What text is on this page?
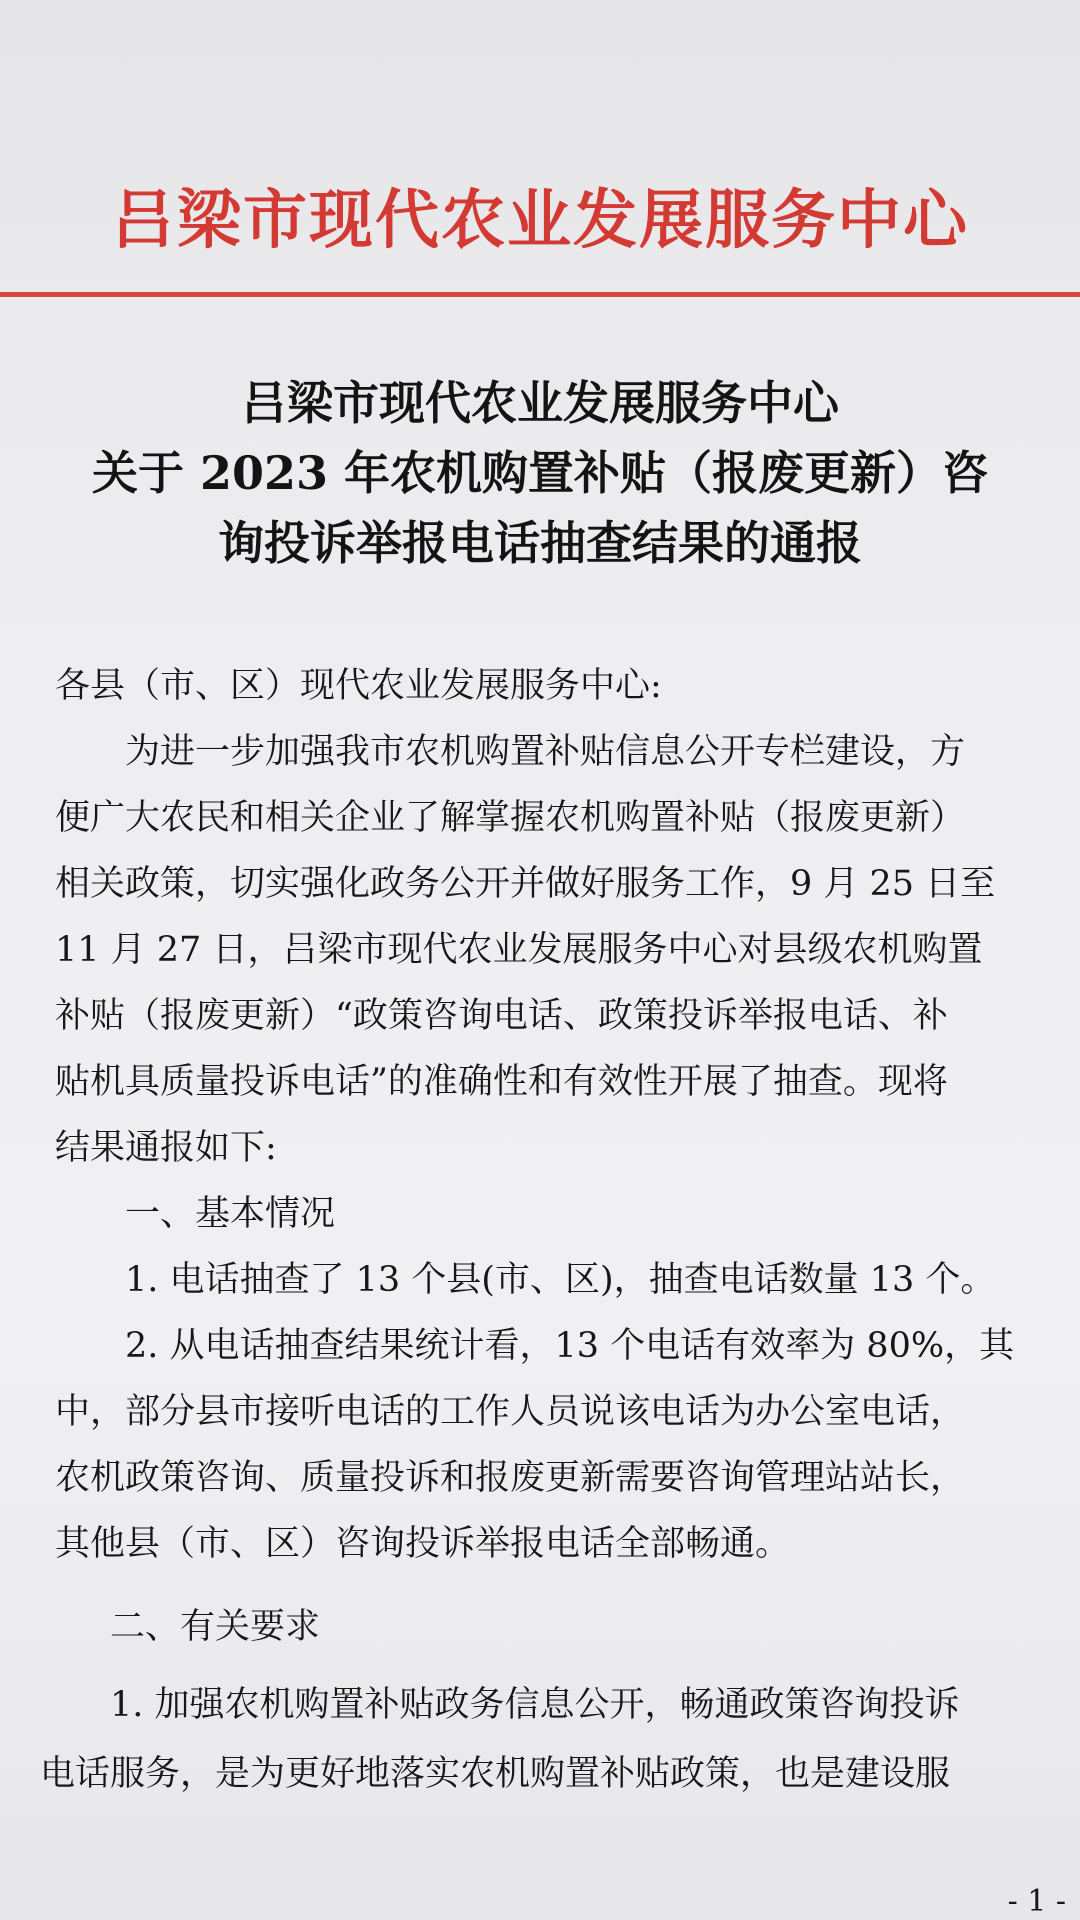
吕梁市现代农业发展服务中心
吕梁市现代农业发展服务中心
关于 2023 年农机购置补贴（报废更新）咨
询投诉举报电话抽查结果的通报
各县（市、区）现代农业发展服务中心:
为进一步加强我市农机购置补贴信息公开专栏建设，方
便广大农民和相关企业了解掌握农机购置补贴（报废更新）
相关政策，切实强化政务公开并做好服务工作，9 月 25 日至
11 月 27 日，吕梁市现代农业发展服务中心对县级农机购置
补贴（报废更新）“政策咨询电话、政策投诉举报电话、补
贴机具质量投诉电话”的准确性和有效性开展了抽查。现将
结果通报如下:
一、基本情况
1. 电话抽查了 13 个县(市、区)，抽查电话数量 13 个。
2. 从电话抽查结果统计看，13 个电话有效率为 80%，其
中，部分县市接听电话的工作人员说该电话为办公室电话，
农机政策咨询、质量投诉和报废更新需要咨询管理站站长，
其他县（市、区）咨询投诉举报电话全部畅通。
二、有关要求
1. 加强农机购置补贴政务信息公开，畅通政策咨询投诉
电话服务，是为更好地落实农机购置补贴政策，也是建设服
- 1 -
